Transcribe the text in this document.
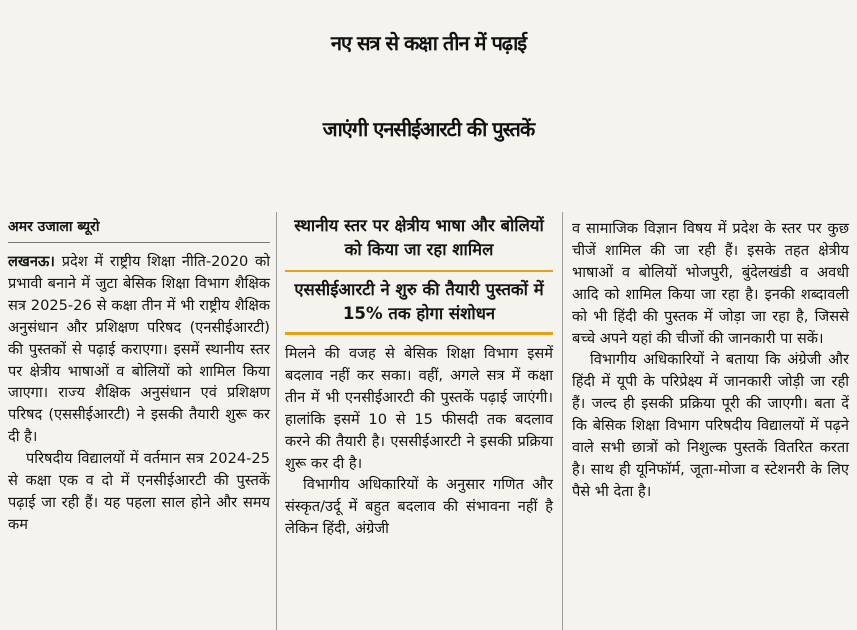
नए सत्र से कक्षा तीन में पढ़ाई
जाएंगी एनसीईआरटी की पुस्तकें
अमर उजाला ब्यूरो

लखनऊ। प्रदेश में राष्ट्रीय शिक्षा नीति-2020 को प्रभावी बनाने में जुटा बेसिक शिक्षा विभाग शैक्षिक सत्र 2025-26 से कक्षा तीन में भी राष्ट्रीय शैक्षिक अनुसंधान और प्रशिक्षण परिषद (एनसीईआरटी) की पुस्तकों से पढ़ाई कराएगा। इसमें स्थानीय स्तर पर क्षेत्रीय भाषाओं व बोलियों को शामिल किया जाएगा। राज्य शैक्षिक अनुसंधान एवं प्रशिक्षण परिषद (एससीईआरटी) ने इसकी तैयारी शुरू कर दी है।

परिषदीय विद्यालयों में वर्तमान सत्र 2024-25 से कक्षा एक व दो में एनसीईआरटी की पुस्तकें पढ़ाई जा रही हैं। यह पहला साल होने और समय कम

स्थानीय स्तर पर क्षेत्रीय भाषा और बोलियों को किया जा रहा शामिल
एससीईआरटी ने शुरु की तैयारी पुस्तकों में 15% तक होगा संशोधन

मिलने की वजह से बेसिक शिक्षा विभाग इसमें बदलाव नहीं कर सका। वहीं, अगले सत्र में कक्षा तीन में भी एनसीईआरटी की पुस्तकें पढ़ाई जाएंगी। हालांकि इसमें 10 से 15 फीसदी तक बदलाव करने की तैयारी है। एससीईआरटी ने इसकी प्रक्रिया शुरू कर दी है।

विभागीय अधिकारियों के अनुसार गणित और संस्कृत/उर्दू में बहुत बदलाव की संभावना नहीं है लेकिन हिंदी, अंग्रेजी

व सामाजिक विज्ञान विषय में प्रदेश के स्तर पर कुछ चीजें शामिल की जा रही हैं। इसके तहत क्षेत्रीय भाषाओं व बोलियों भोजपुरी, बुंदेलखंडी व अवधी आदि को शामिल किया जा रहा है। इनकी शब्दावली को भी हिंदी की पुस्तक में जोड़ा जा रहा है, जिससे बच्चे अपने यहां की चीजों की जानकारी पा सकें।

विभागीय अधिकारियों ने बताया कि अंग्रेजी और हिंदी में यूपी के परिप्रेक्ष्य में जानकारी जोड़ी जा रही हैं। जल्द ही इसकी प्रक्रिया पूरी की जाएगी। बता दें कि बेसिक शिक्षा विभाग परिषदीय विद्यालयों में पढ़ने वाले सभी छात्रों को निशुल्क पुस्तकें वितरित करता है। साथ ही यूनिफॉर्म, जूता-मोजा व स्टेशनरी के लिए पैसे भी देता है।
